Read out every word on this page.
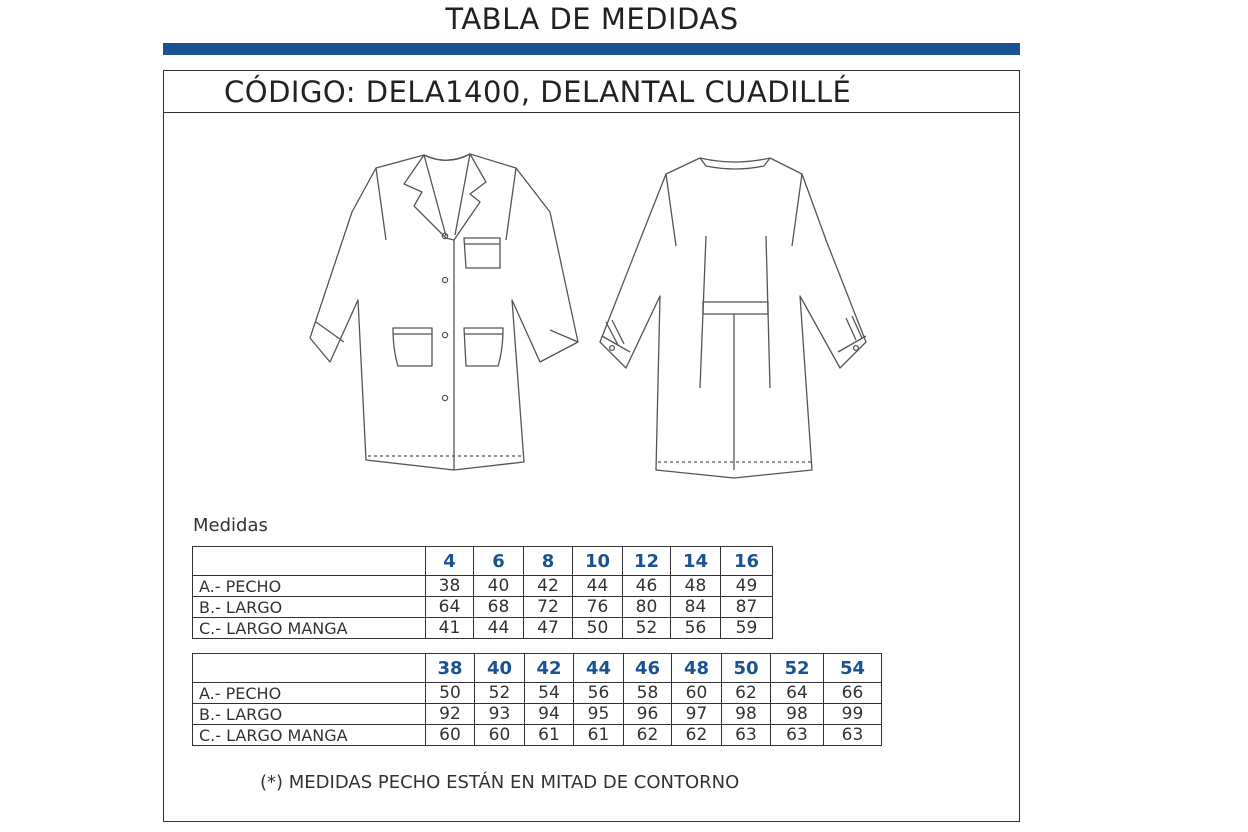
TABLA DE MEDIDAS
CÓDIGO: DELA1400, DELANTAL CUADILLÉ
Medidas
	4	6	8	10	12	14	16
A.- PECHO	38	40	42	44	46	48	49
B.- LARGO	64	68	72	76	80	84	87
C.- LARGO MANGA	41	44	47	50	52	56	59
	38	40	42	44	46	48	50	52	54
A.- PECHO	50	52	54	56	58	60	62	64	66
B.- LARGO	92	93	94	95	96	97	98	98	99
C.- LARGO MANGA	60	60	61	61	62	62	63	63	63
(*) MEDIDAS PECHO ESTÁN EN MITAD DE CONTORNO
